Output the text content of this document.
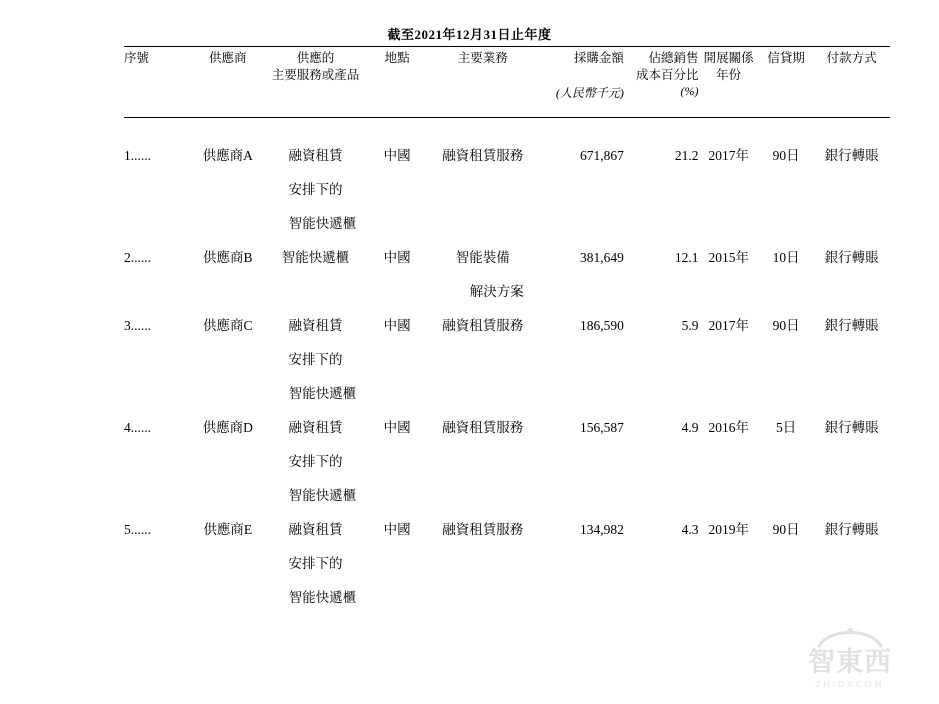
截至2021年12月31日止年度
序號	供應商	供應的
主要服務或產品	地點	主要業務	採購金額	佔總銷售
成本百分比	開展關係
年份	信貸期	付款方式

					(人民幣千元)	(%)			

1......	供應商A	融資租賃
安排下的
智能快遞櫃	中國	融資租賃服務	671,867	21.2	2017年	90日	銀行轉賬

2......	供應商B	智能快遞櫃	中國	智能裝備
解決方案	381,649	12.1	2015年	10日	銀行轉賬

3......	供應商C	融資租賃
安排下的
智能快遞櫃	中國	融資租賃服務	186,590	5.9	2017年	90日	銀行轉賬

4......	供應商D	融資租賃
安排下的
智能快遞櫃	中國	融資租賃服務	156,587	4.9	2016年	5日	銀行轉賬

5......	供應商E	融資租賃
安排下的
智能快遞櫃	中國	融資租賃服務	134,982	4.3	2019年	90日	銀行轉賬
智東西
ZHIDXCOM
